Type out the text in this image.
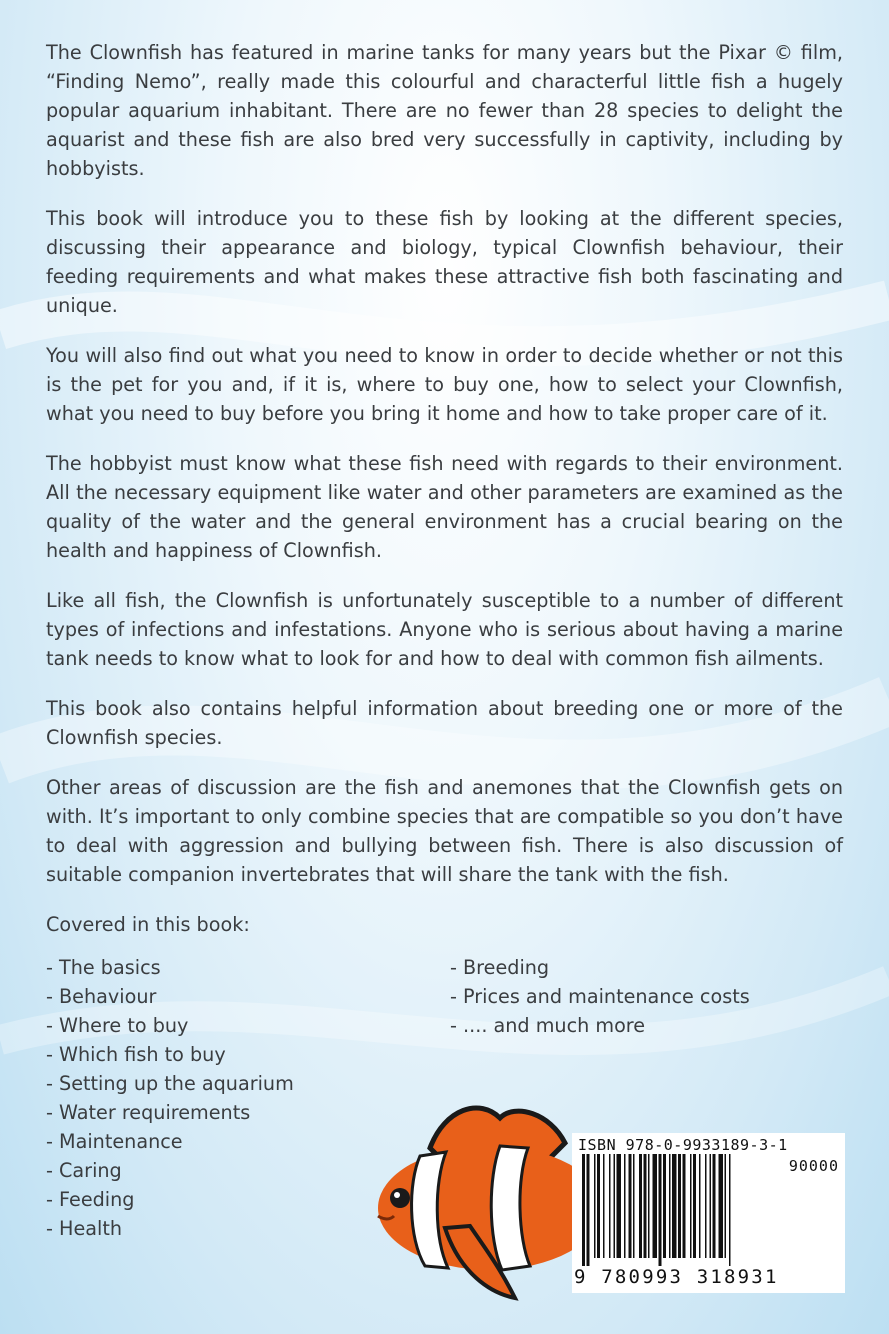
The Clownfish has featured in marine tanks for many years but the Pixar © film, “Finding Nemo”, really made this colourful and characterful little fish a hugely popular aquarium inhabitant. There are no fewer than 28 species to delight the aquarist and these fish are also bred very successfully in captivity, including by hobbyists.

This book will introduce you to these fish by looking at the different species, discussing their appearance and biology, typical Clownfish behaviour, their feeding requirements and what makes these attractive fish both fascinating and unique.

You will also find out what you need to know in order to decide whether or not this is the pet for you and, if it is, where to buy one, how to select your Clownfish, what you need to buy before you bring it home and how to take proper care of it.

The hobbyist must know what these fish need with regards to their environment. All the necessary equipment like water and other parameters are examined as the quality of the water and the general environment has a crucial bearing on the health and happiness of Clownfish.

Like all fish, the Clownfish is unfortunately susceptible to a number of different types of infections and infestations. Anyone who is serious about having a marine tank needs to know what to look for and how to deal with common fish ailments.

This book also contains helpful information about breeding one or more of the Clownfish species.

Other areas of discussion are the fish and anemones that the Clownfish gets on with. It’s important to only combine species that are compatible so you don’t have to deal with aggression and bullying between fish. There is also discussion of suitable companion invertebrates that will share the tank with the fish.

Covered in this book:
- The basics
- Behaviour
- Where to buy
- Which fish to buy
- Setting up the aquarium
- Water requirements
- Maintenance
- Caring
- Feeding
- Health
- Breeding
- Prices and maintenance costs
- .... and much more
ISBN 978-0-9933189-3-1
90000
9 780993 318931
